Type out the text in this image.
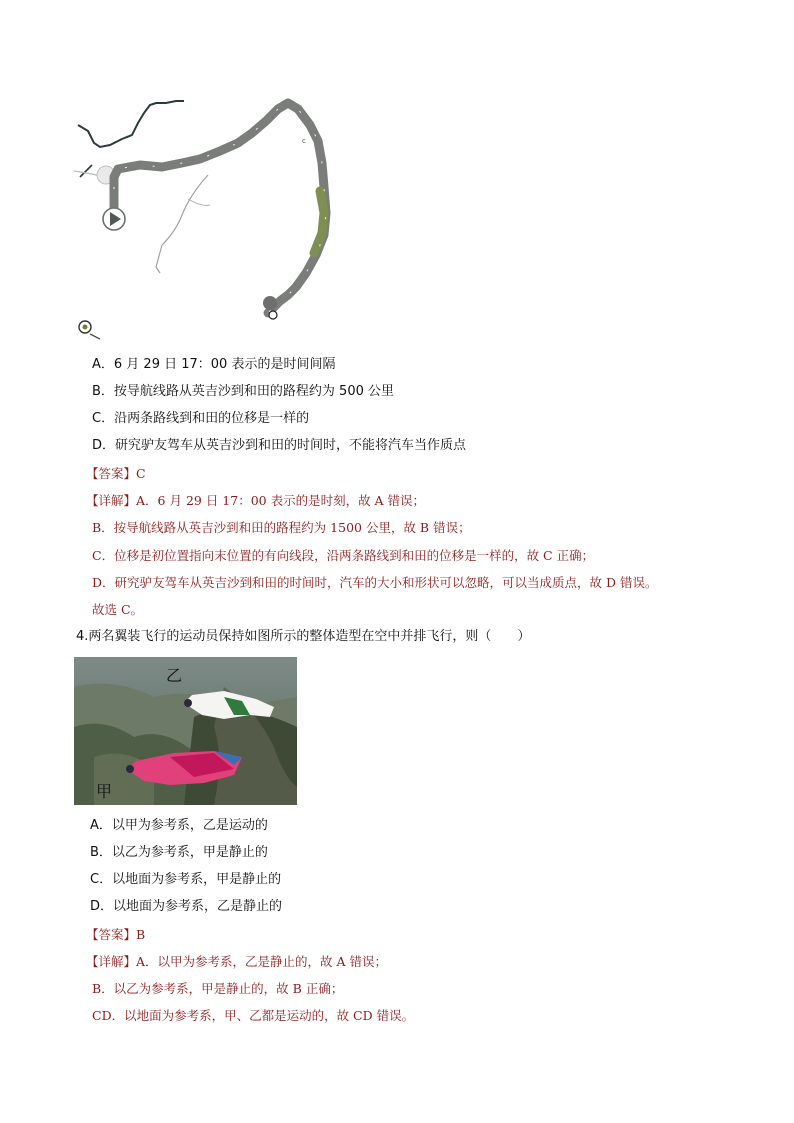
c
A．6 月 29 日 17：00 表示的是时间间隔
B．按导航线路从英吉沙到和田的路程约为 500 公里
C．沿两条路线到和田的位移是一样的
D．研究驴友驾车从英吉沙到和田的时间时，不能将汽车当作质点
【答案】C
【详解】A．6 月 29 日 17：00 表示的是时刻，故 A 错误；
B．按导航线路从英吉沙到和田的路程约为 1500 公里，故 B 错误；
C．位移是初位置指向末位置的有向线段，沿两条路线到和田的位移是一样的，故 C 正确；
D．研究驴友驾车从英吉沙到和田的时间时，汽车的大小和形状可以忽略，可以当成质点，故 D 错误。
故选 C。
4.两名翼装飞行的运动员保持如图所示的整体造型在空中并排飞行，则（　　）
乙
甲
A．以甲为参考系，乙是运动的
B．以乙为参考系，甲是静止的
C．以地面为参考系，甲是静止的
D．以地面为参考系，乙是静止的
【答案】B
【详解】A．以甲为参考系，乙是静止的，故 A 错误；
B．以乙为参考系，甲是静止的，故 B 正确；
CD．以地面为参考系，甲、乙都是运动的，故 CD 错误。
